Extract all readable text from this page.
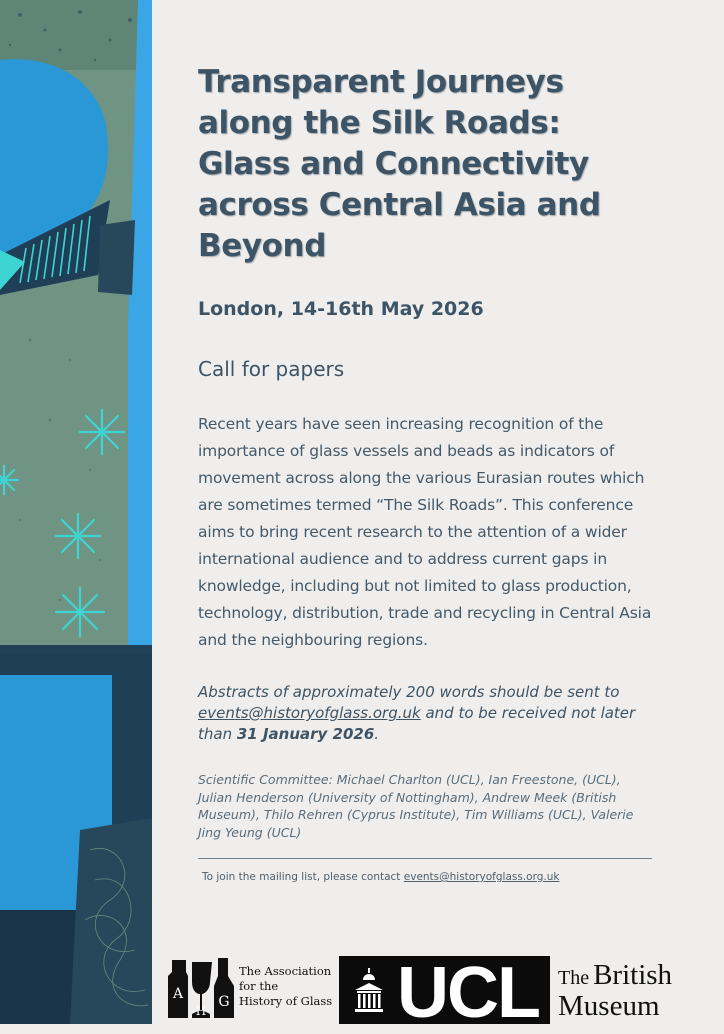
Transparent Journeys
along the Silk Roads:
Glass and Connectivity
across Central Asia and
Beyond

London, 14-16th May 2026

Call for papers

Recent years have seen increasing recognition of the
importance of glass vessels and beads as indicators of
movement across along the various Eurasian routes which
are sometimes termed “The Silk Roads”. This conference
aims to bring recent research to the attention of a wider
international audience and to address current gaps in
knowledge, including but not limited to glass production,
technology, distribution, trade and recycling in Central Asia
and the neighbouring regions.

Abstracts of approximately 200 words should be sent to
events@historyofglass.org.uk and to be received not later
than 31 January 2026.

Scientific Committee: Michael Charlton (UCL), Ian Freestone, (UCL),
Julian Henderson (University of Nottingham), Andrew Meek (British
Museum), Thilo Rehren (Cyprus Institute), Tim Williams (UCL), Valerie
Jing Yeung (UCL)

To join the mailing list, please contact events@historyofglass.org.uk

A	G
H
The Association
for the
History of Glass UCL The British
Museum
